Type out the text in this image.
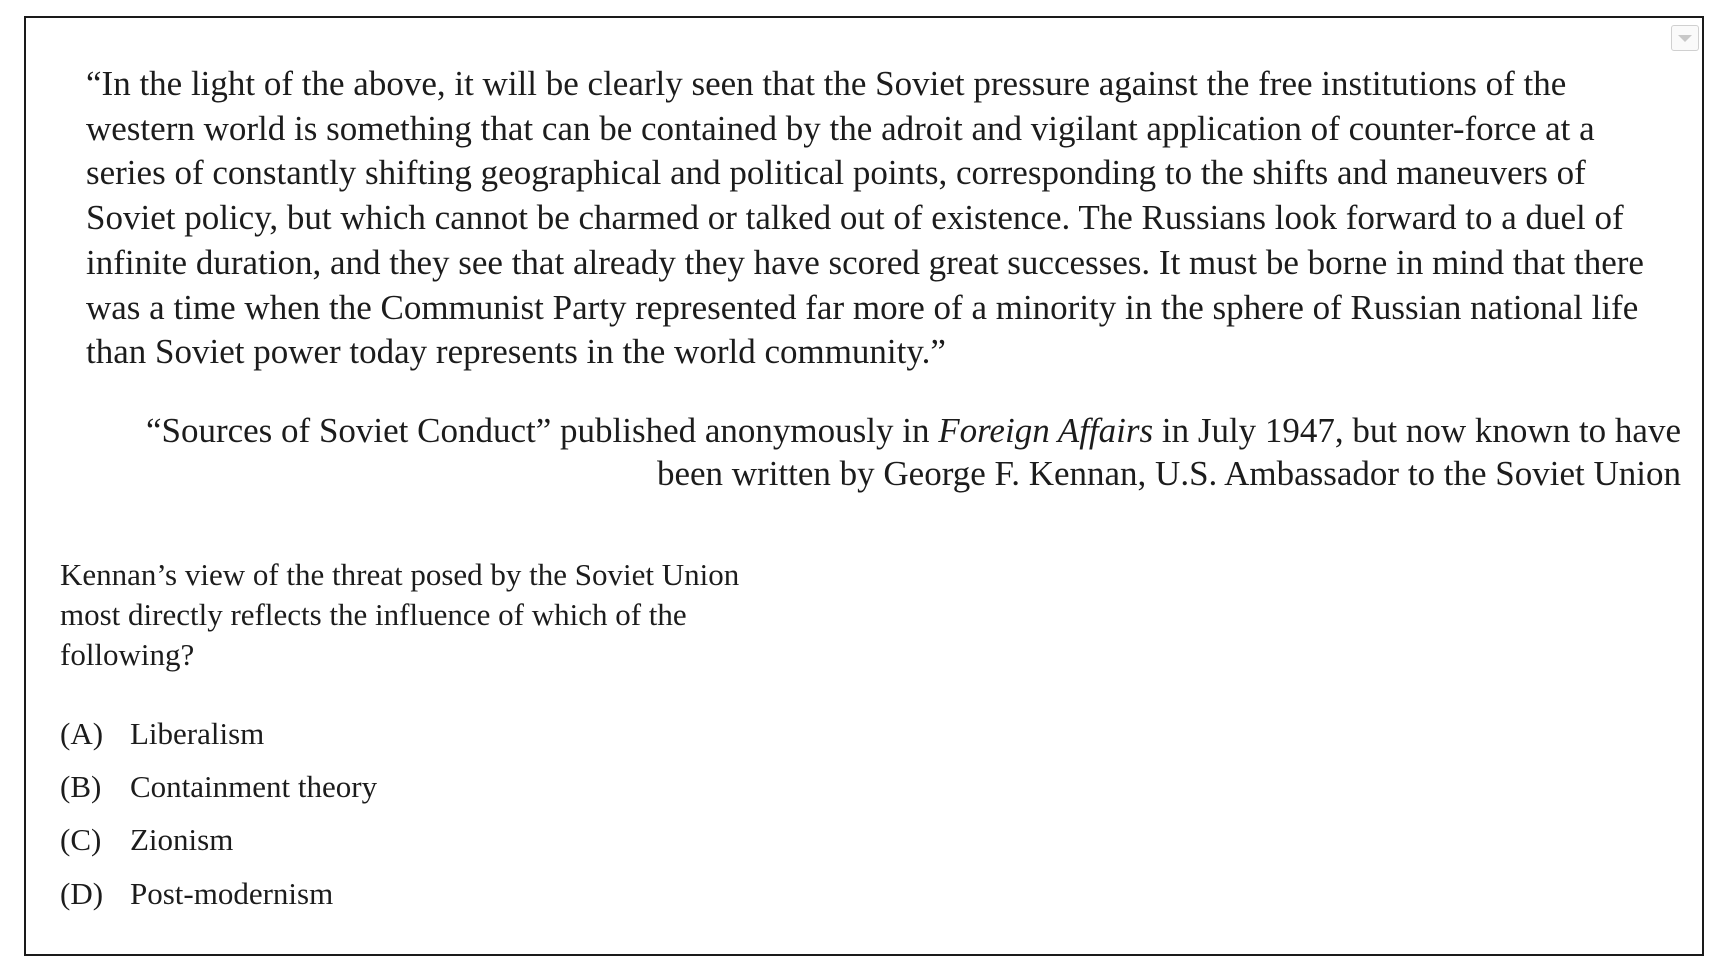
“In the light of the above, it will be clearly seen that the Soviet pressure against the free institutions of the western world is something that can be contained by the adroit and vigilant application of counter-force at a series of constantly shifting geographical and political points, corresponding to the shifts and maneuvers of Soviet policy, but which cannot be charmed or talked out of existence. The Russians look forward to a duel of infinite duration, and they see that already they have scored great successes. It must be borne in mind that there was a time when the Communist Party represented far more of a minority in the sphere of Russian national life than Soviet power today represents in the world community.”

“Sources of Soviet Conduct” published anonymously in Foreign Affairs in July 1947, but now known to have been written by George F. Kennan, U.S. Ambassador to the Soviet Union

Kennan’s view of the threat posed by the Soviet Union most directly reflects the influence of which of the following?

(A) Liberalism
(B) Containment theory
(C) Zionism
(D) Post-modernism
